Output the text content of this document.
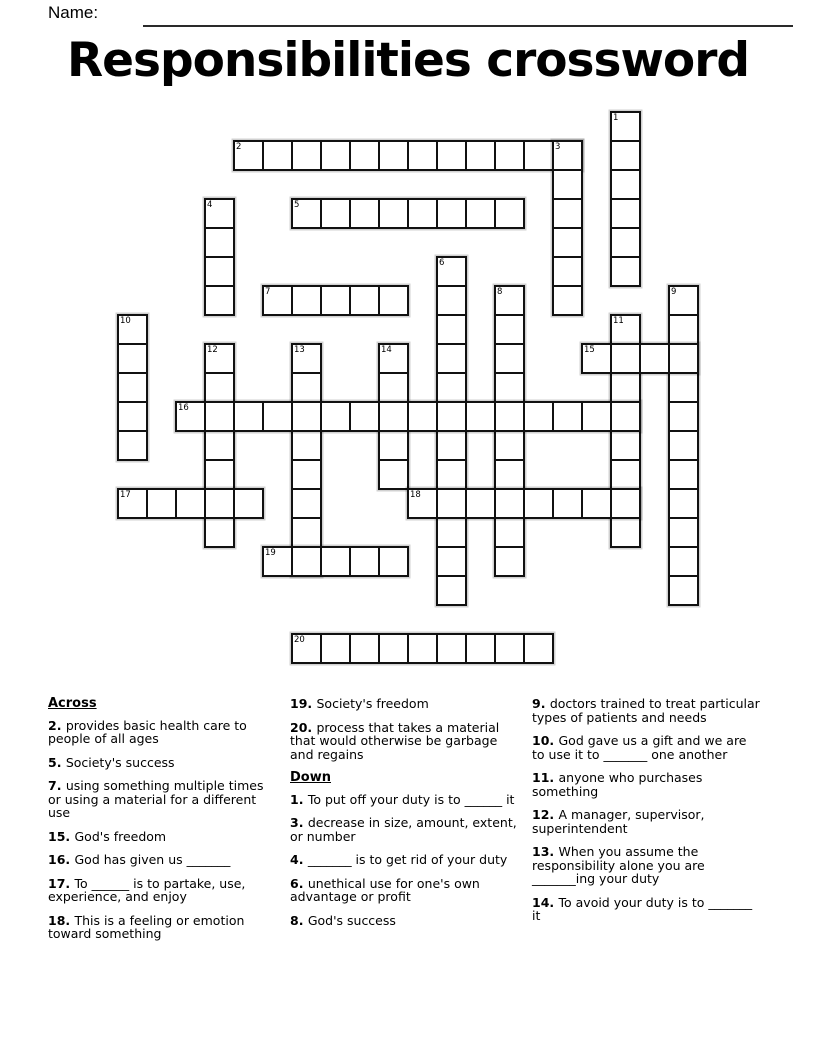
Name:
Responsibilities crossword
1
2	3
4	5
6
7	8	9
10	11
12	13	14	15
16
17	18
19
20
Across
2. provides basic health care to people of all ages
5. Society's success
7. using something multiple times or using a material for a different use
15. God's freedom
16. God has given us _______
17. To ______ is to partake, use, experience, and enjoy
18. This is a feeling or emotion toward something
19. Society's freedom
20. process that takes a material that would otherwise be garbage and regains
Down
1. To put off your duty is to ______ it
3. decrease in size, amount, extent, or number
4. _______ is to get rid of your duty
6. unethical use for one's own advantage or profit
8. God's success
9. doctors trained to treat particular types of patients and needs
10. God gave us a gift and we are to use it to _______ one another
11. anyone who purchases something
12. A manager, supervisor, superintendent
13. When you assume the responsibility alone you are _______ing your duty
14. To avoid your duty is to _______ it
